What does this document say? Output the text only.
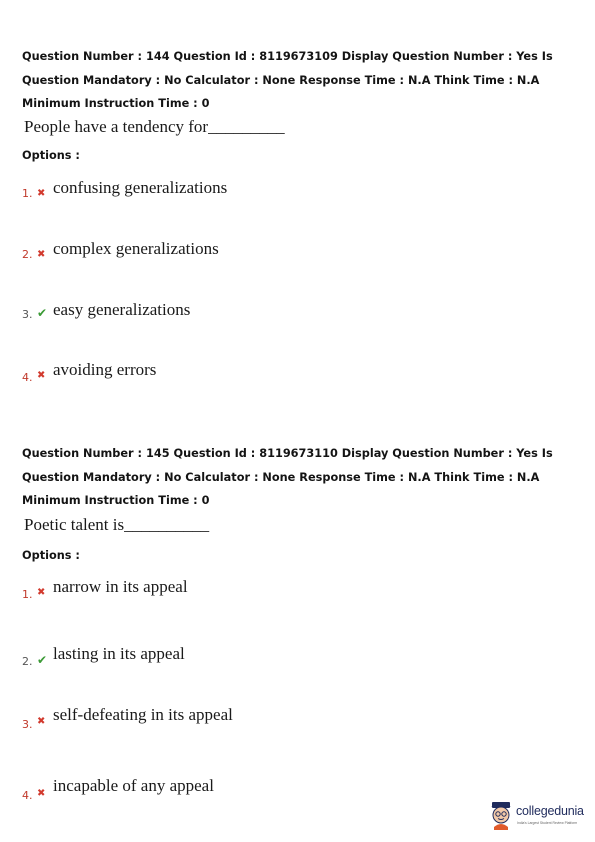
Question Number : 144 Question Id : 8119673109 Display Question Number : Yes Is Question Mandatory : No Calculator : None Response Time : N.A Think Time : N.A Minimum Instruction Time : 0
People have a tendency for_________
Options :
1. ✖ confusing generalizations
2. ✖ complex generalizations
3. ✔ easy generalizations
4. ✖ avoiding errors
Question Number : 145 Question Id : 8119673110 Display Question Number : Yes Is Question Mandatory : No Calculator : None Response Time : N.A Think Time : N.A Minimum Instruction Time : 0
Poetic talent is__________
Options :
1. ✖ narrow in its appeal
2. ✔ lasting in its appeal
3. ✖ self-defeating in its appeal
4. ✖ incapable of any appeal
collegedunia
India's Largest Student Review Platform
